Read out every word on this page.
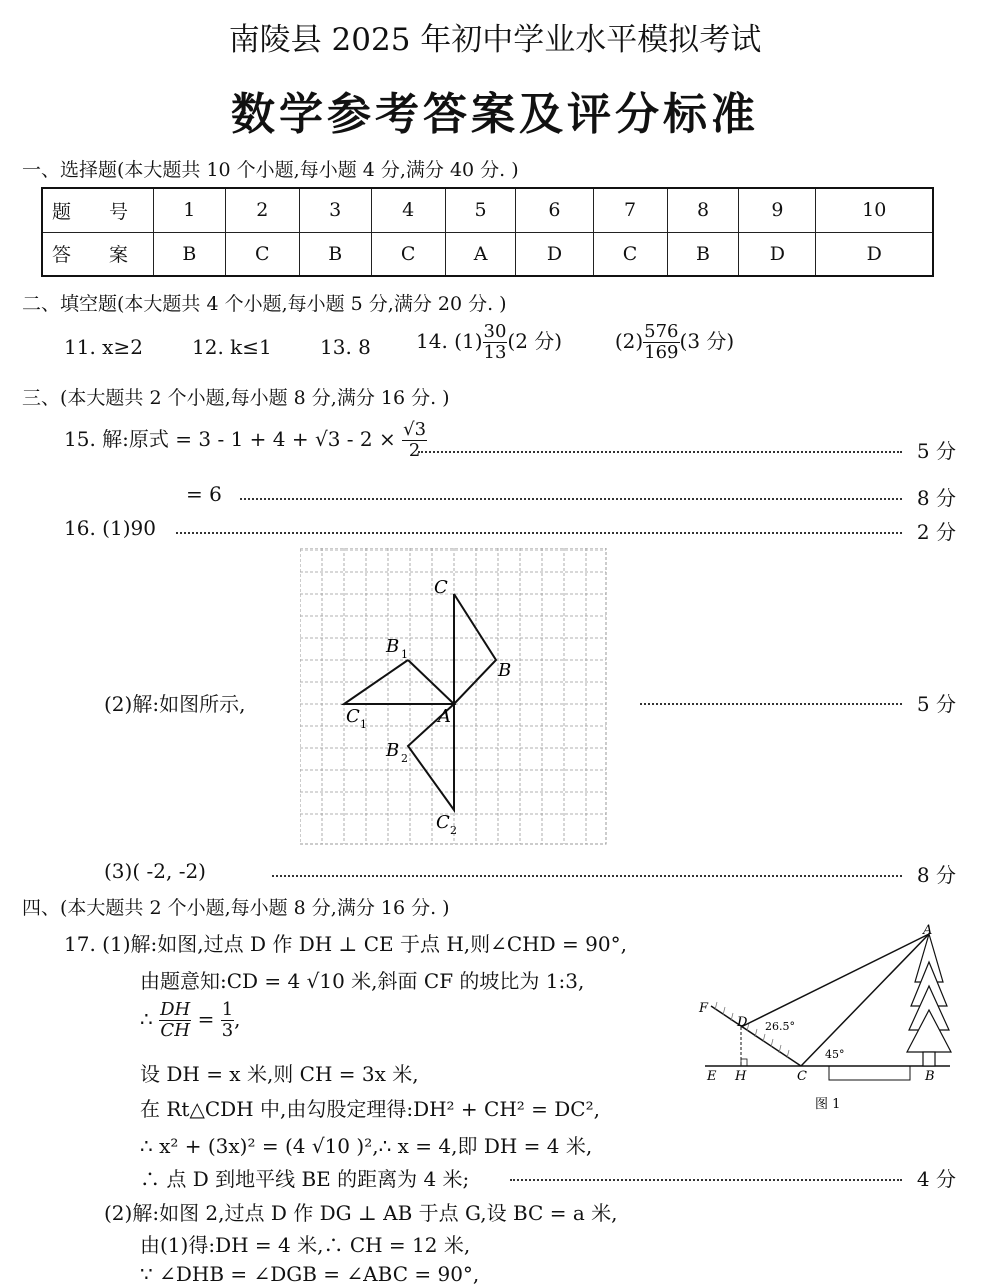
南陵县 2025 年初中学业水平模拟考试
数学参考答案及评分标准
一、选择题(本大题共 10 个小题,每小题 4 分,满分 40 分. )
题 号	1	2	3	4	5	6	7	8	9	10
答 案	B	C	B	C	A	D	C	B	D	D
二、填空题(本大题共 4 个小题,每小题 5 分,满分 20 分. )
11. x≥2 12. k≤1 13. 8 14. $(1) \frac{30}{13} (2$ 分)	$(2) \frac{576}{169} (3$ 分)
三、(本大题共 2 个小题,每小题 8 分,满分 16 分. )
15. 解:原式 = $3 - 1 + 4 + √3 - 2 \times \frac{√3}{2}$	5 分
= 6	8 分
16. (1)90	2 分
(2)解:如图所示,	5 分
C
B 1
B
C 1	A
B 2
C 2
(3)( -2, -2)	8 分
四、(本大题共 2 个小题,每小题 8 分,满分 16 分. )
17. (1)解:如图,过点 D 作 DH ⊥ CE 于点 H,则∠CHD = 90°,
由题意知:CD = 4 √10 米,斜面 CF 的坡比为 1:3,
∴ $\frac{DH}{CH} = \frac{1}{3}$ ,
设 DH = x 米,则 CH = 3x 米,
在 Rt△CDH 中,由勾股定理得:DH² + CH² = DC²,
∴ x² + (3x)² = (4 √10 )²,∴ x = 4,即 DH = 4 米,
∴ 点 D 到地平线 BE 的距离为 4 米;	4 分
(2)解:如图 2,过点 D 作 DG ⊥ AB 于点 G,设 BC = a 米,
由(1)得:DH = 4 米,∴ CH = 12 米,
∵ ∠DHB = ∠DGB = ∠ABC = 90°,
A
F
D
E H	C	B
26.5°
45°
图 1
